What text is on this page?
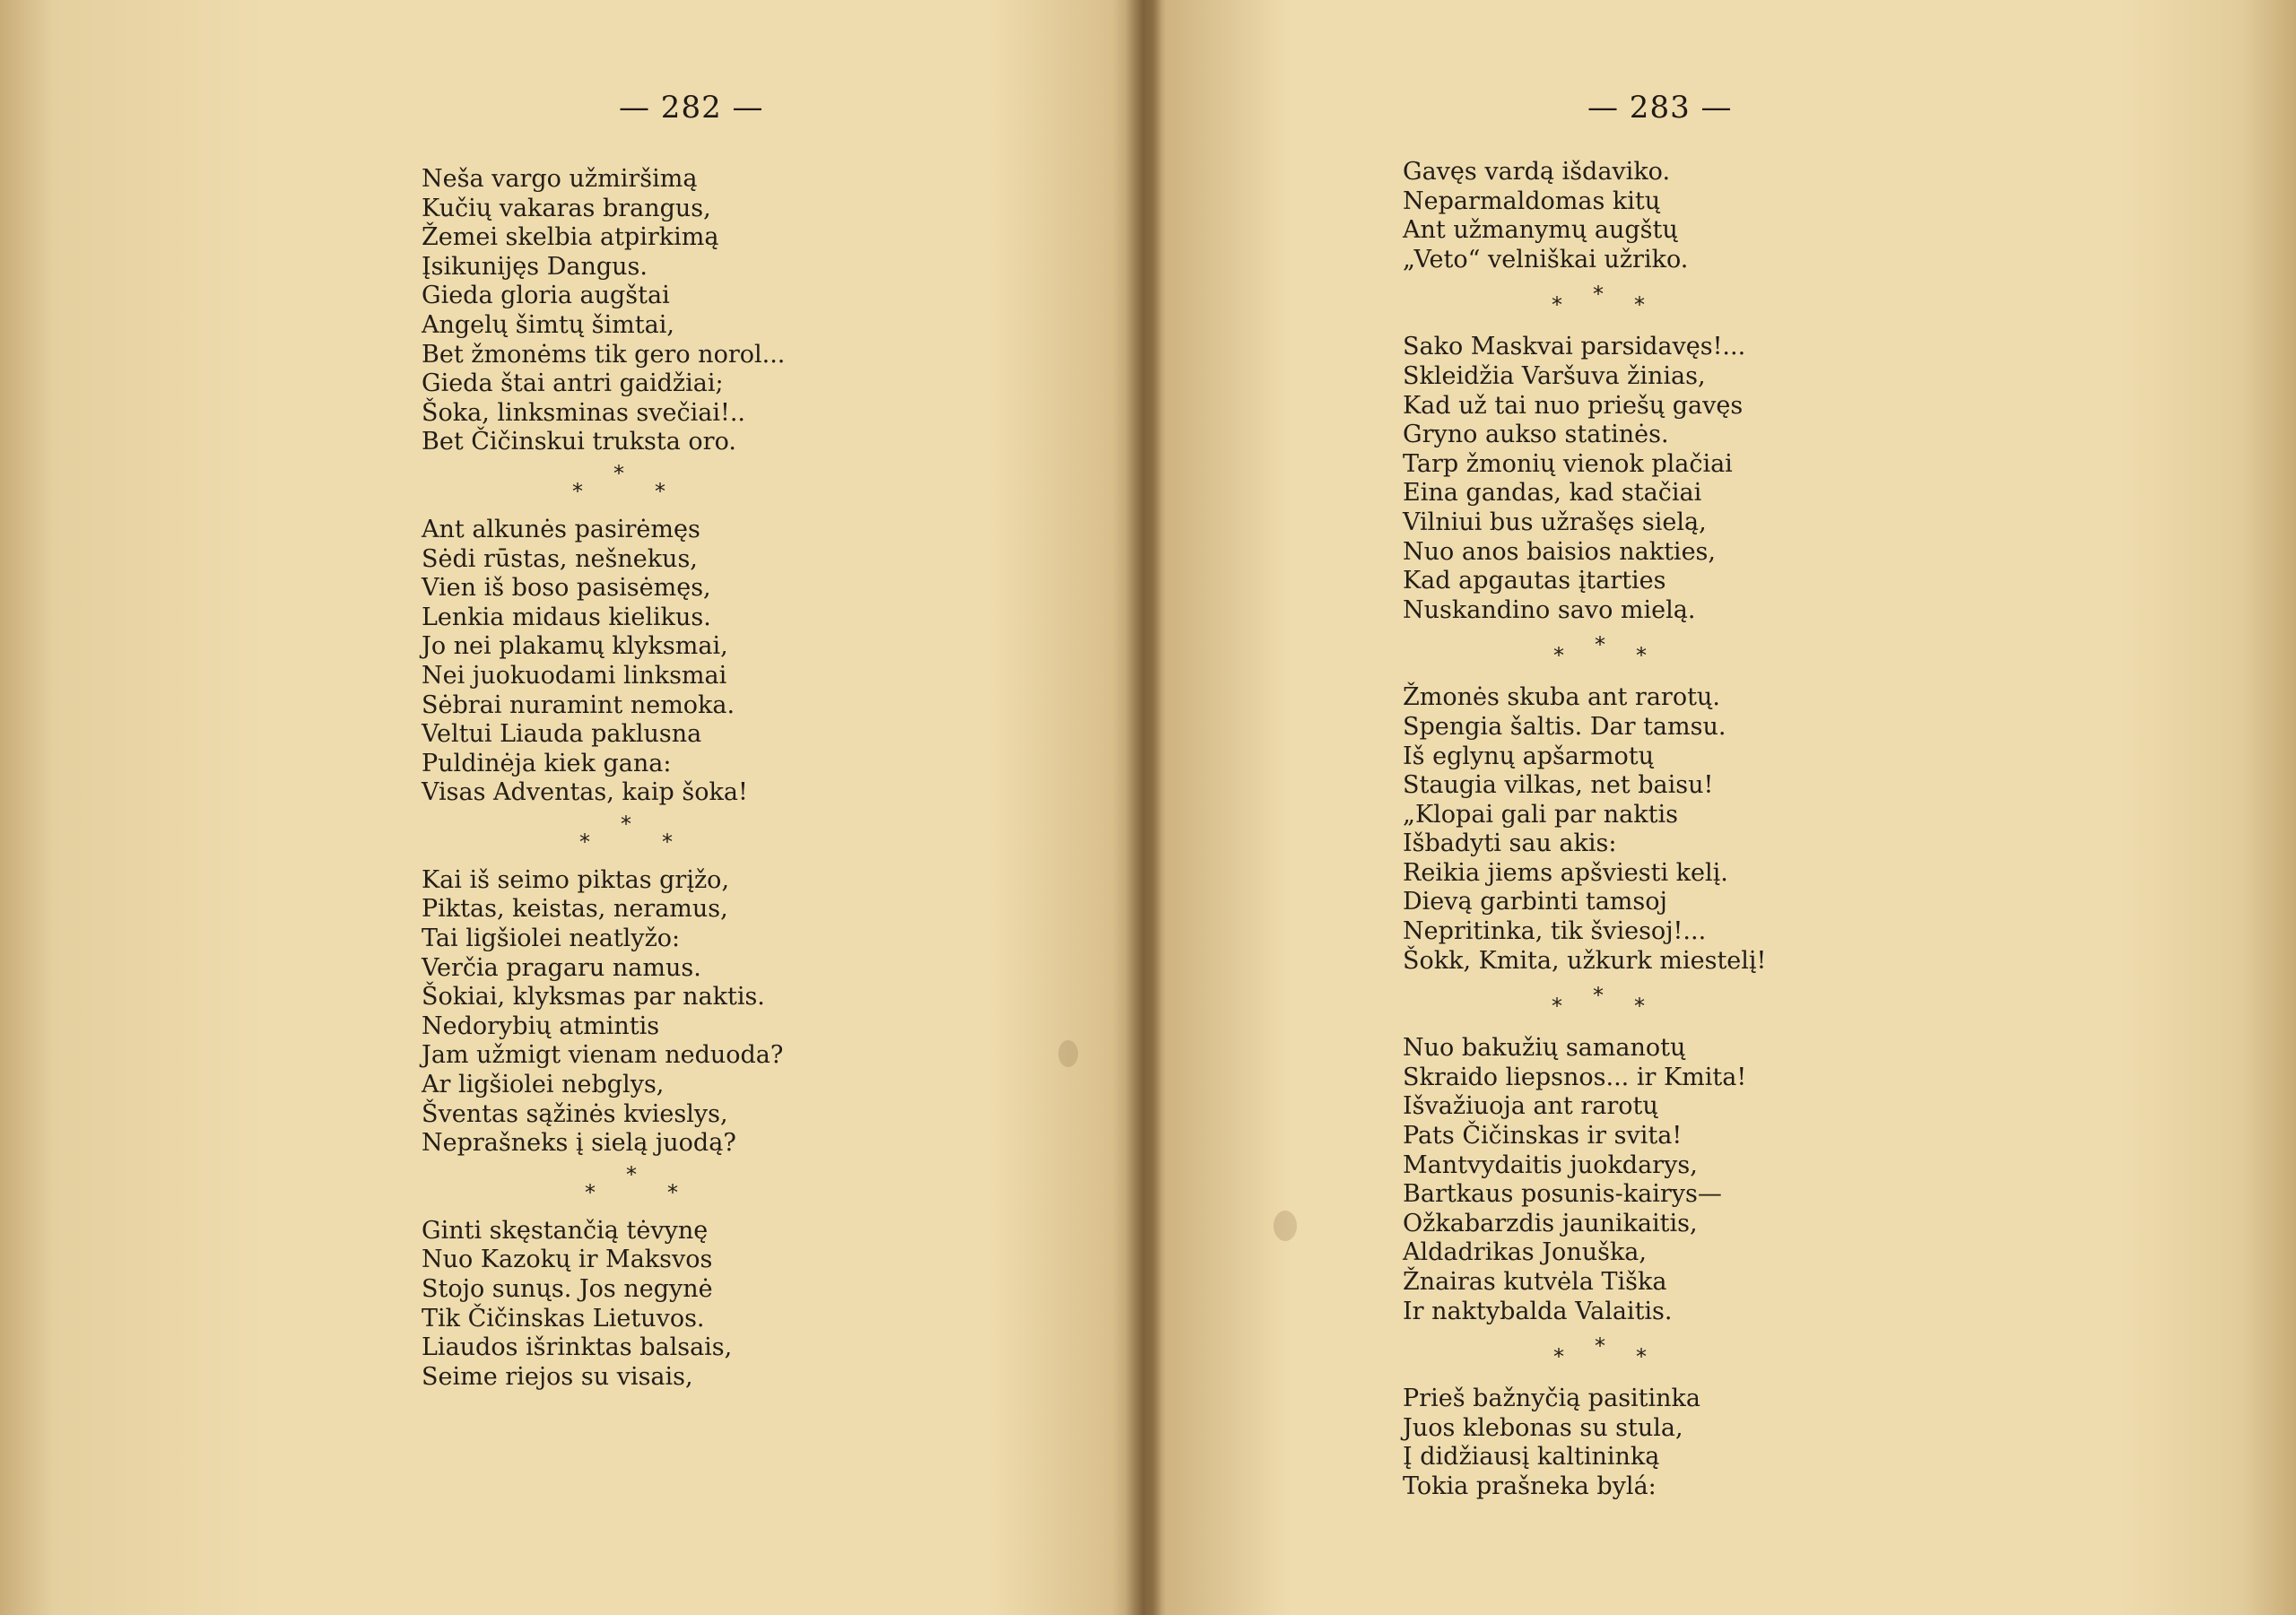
— 282 —
Neša vargo užmiršimą
Kučių vakaras brangus,
Žemei skelbia atpirkimą
Įsikunijęs Dangus.
Gieda gloria augštai
Angelų šimtų šimtai,
Bet žmonėms tik gero norol...
Gieda štai antri gaidžiai;
Šoka, linksminas svečiai!..
Bet Čičinskui truksta oro.
*
*	*
Ant alkunės pasirėmęs
Sėdi rūstas, nešnekus,
Vien iš boso pasisėmęs,
Lenkia midaus kielikus.
Jo nei plakamų klyksmai,
Nei juokuodami linksmai
Sėbrai nuramint nemoka.
Veltui Liauda paklusna
Puldinėja kiek gana:
Visas Adventas, kaip šoka!
*
*	*
Kai iš seimo piktas grįžo,
Piktas, keistas, neramus,
Tai ligšiolei neatlyžo:
Verčia pragaru namus.
Šokiai, klyksmas par naktis.
Nedorybių atmintis
Jam užmigt vienam neduoda?
Ar ligšiolei nebglys,
Šventas sąžinės kvieslys,
Neprašneks į sielą juodą?
*
*	*
Ginti skęstančią tėvynę
Nuo Kazokų ir Maksvos
Stojo sunųs. Jos negynė
Tik Čičinskas Lietuvos.
Liaudos išrinktas balsais,
Seime riejos su visais,
— 283 —
Gavęs vardą išdaviko.
Neparmaldomas kitų
Ant užmanymų augštų
„Veto“ velniškai užriko.
*
*	*
Sako Maskvai parsidavęs!...
Skleidžia Varšuva žinias,
Kad už tai nuo priešų gavęs
Gryno aukso statinės.
Tarp žmonių vienok plačiai
Eina gandas, kad stačiai
Vilniui bus užrašęs sielą,
Nuo anos baisios nakties,
Kad apgautas įtarties
Nuskandino savo mielą.
*
*	*
Žmonės skuba ant rarotų.
Spengia šaltis. Dar tamsu.
Iš eglynų apšarmotų
Staugia vilkas, net baisu!
„Klopai gali par naktis
Išbadyti sau akis:
Reikia jiems apšviesti kelį.
Dievą garbinti tamsoj
Nepritinka, tik šviesoj!...
Šokk, Kmita, užkurk miestelį!
*
*	*
Nuo bakužių samanotų
Skraido liepsnos... ir Kmita!
Išvažiuoja ant rarotų
Pats Čičinskas ir svita!
Mantvydaitis juokdarys,
Bartkaus posunis-kairys—
Ožkabarzdis jaunikaitis,
Aldadrikas Jonuška,
Žnairas kutvėla Tiška
Ir naktybalda Valaitis.
*
*	*
Prieš bažnyčią pasitinka
Juos klebonas su stula,
Į didžiausį kaltininką
Tokia prašneka bylá:
